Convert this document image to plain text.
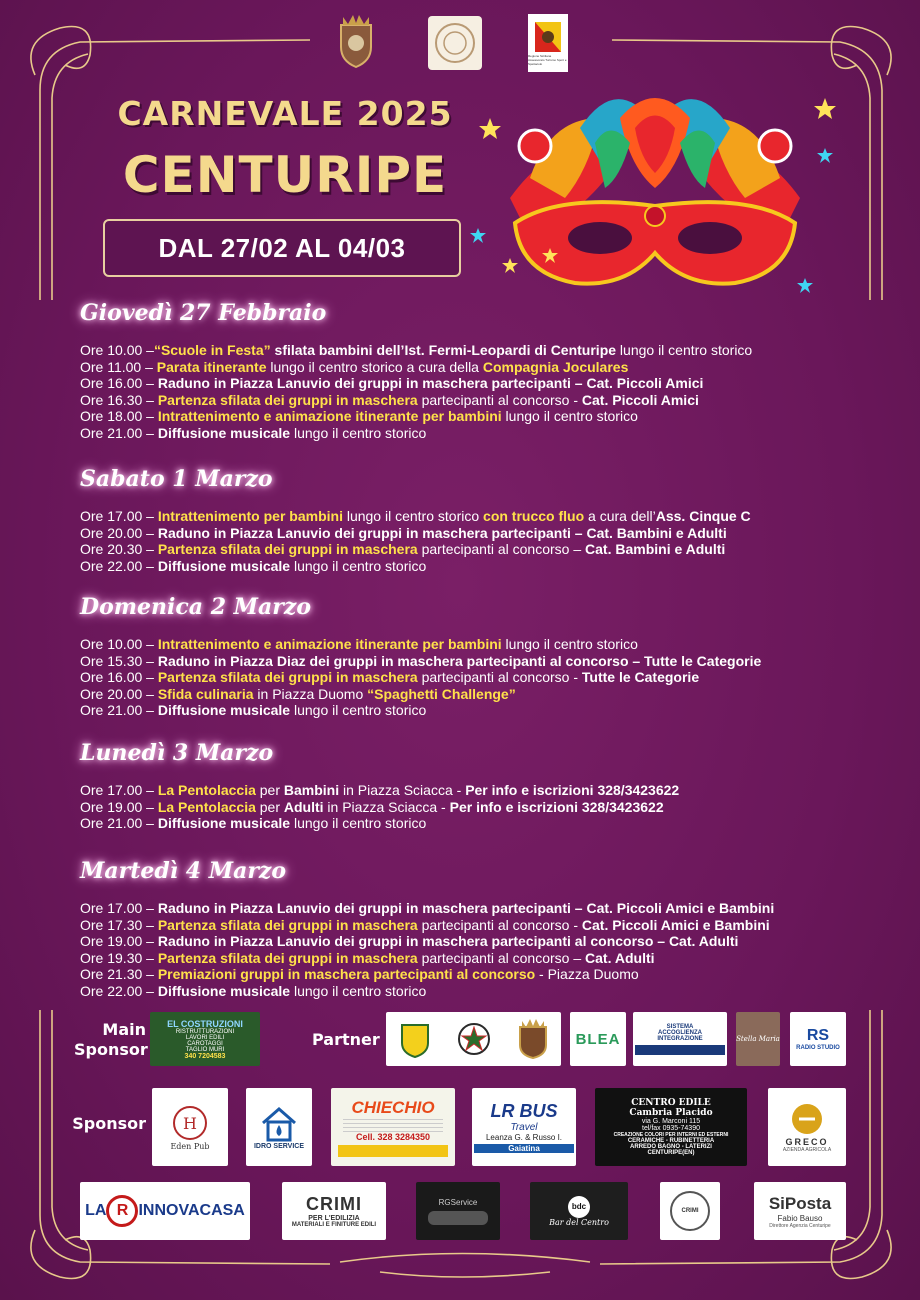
Regione Siciliana Assessorato Turismo Sport e Spettacolo
CARNEVALE 2025
CENTURIPE
DAL 27/02 AL 04/03
Giovedì 27 Febbraio
Ore 10.00 –“Scuole in Festa” sfilata bambini dell’Ist. Fermi-Leopardi di Centuripe lungo il centro storico
Ore 11.00 – Parata itinerante lungo il centro storico a cura della Compagnia Joculares
Ore 16.00 – Raduno in Piazza Lanuvio dei gruppi in maschera partecipanti – Cat. Piccoli Amici
Ore 16.30 – Partenza sfilata dei gruppi in maschera partecipanti al concorso - Cat. Piccoli Amici
Ore 18.00 – Intrattenimento e animazione itinerante per bambini lungo il centro storico
Ore 21.00 – Diffusione musicale lungo il centro storico
Sabato 1 Marzo
Ore 17.00 – Intrattenimento per bambini lungo il centro storico con trucco fluo a cura dell’Ass. Cinque C
Ore 20.00 – Raduno in Piazza Lanuvio dei gruppi in maschera partecipanti – Cat. Bambini e Adulti
Ore 20.30 – Partenza sfilata dei gruppi in maschera partecipanti al concorso – Cat. Bambini e Adulti
Ore 22.00 – Diffusione musicale lungo il centro storico
Domenica 2 Marzo
Ore 10.00 – Intrattenimento e animazione itinerante per bambini lungo il centro storico
Ore 15.30 – Raduno in Piazza Diaz dei gruppi in maschera partecipanti al concorso – Tutte le Categorie
Ore 16.00 – Partenza sfilata dei gruppi in maschera partecipanti al concorso - Tutte le Categorie
Ore 20.00 – Sfida culinaria in Piazza Duomo “Spaghetti Challenge”
Ore 21.00 – Diffusione musicale lungo il centro storico
Lunedì 3 Marzo
Ore 17.00 – La Pentolaccia per Bambini in Piazza Sciacca - Per info e iscrizioni 328/3423622
Ore 19.00 – La Pentolaccia per Adulti in Piazza Sciacca - Per info e iscrizioni 328/3423622
Ore 21.00 – Diffusione musicale lungo il centro storico
Martedì 4 Marzo
Ore 17.00 – Raduno in Piazza Lanuvio dei gruppi in maschera partecipanti – Cat. Piccoli Amici e Bambini
Ore 17.30 – Partenza sfilata dei gruppi in maschera partecipanti al concorso - Cat. Piccoli Amici e Bambini
Ore 19.00 – Raduno in Piazza Lanuvio dei gruppi in maschera partecipanti al concorso – Cat. Adulti
Ore 19.30 – Partenza sfilata dei gruppi in maschera partecipanti al concorso – Cat. Adulti
Ore 21.30 – Premiazioni gruppi in maschera partecipanti al concorso - Piazza Duomo
Ore 22.00 – Diffusione musicale lungo il centro storico
Main
Sponsor
Partner
Sponsor
EL COSTRUZIONI
RISTRUTTURAZIONI
LAVORI EDILI
CAROTAGGI
TAGLIO MURI
340 7204583
BLEA
SISTEMA
ACCOGLIENZA
INTEGRAZIONE	Stella Maria RS
RADIO STUDIO
H
Eden Pub	IDRO SERVICE
CHIECHIO
Cell. 328 3284350
LR BUS
Travel
Leanza G. & Russo I.
Gaiatina
CENTRO EDILE
Cambria Placido
via G. Marconi 115
tel/fax 0935-74390
CREAZIONE COLORI PER INTERNI ED ESTERNI
CERAMICHE - RUBINETTERIA
ARREDO BAGNO - LATERIZI
CENTURIPE(EN)
GRECO
AZIENDA AGRICOLA
LA R INNOVACASA	CRIMI
PER L'EDILIZIA
MATERIALI E FINITURE EDILI
RGService	bdc
Bar del Centro
CRIMI	SiPosta
Fabio Bauso
Direttore Agenzia Centuripe
